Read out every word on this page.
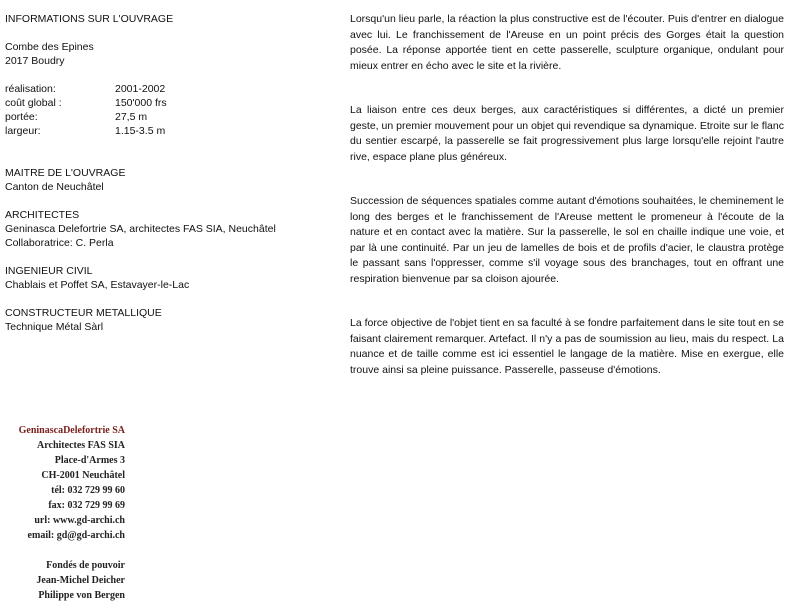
INFORMATIONS SUR L'OUVRAGE

Combe des Epines

2017 Boudry

réalisation:	2001-2002
coût global :	150'000 frs
portée:	27,5 m
largeur:	1.15-3.5 m

MAITRE DE L'OUVRAGE

Canton de Neuchâtel

ARCHITECTES

Geninasca Delefortrie SA, architectes FAS SIA, Neuchâtel

Collaboratrice: C. Perla

INGENIEUR CIVIL

Chablais et Poffet SA, Estavayer-le-Lac

CONSTRUCTEUR METALLIQUE

Technique Métal Sàrl

Lorsqu'un lieu parle, la réaction la plus constructive est de l'écouter. Puis d'entrer en dialogue avec lui. Le franchissement de l'Areuse en un point précis des Gorges était la question posée. La réponse apportée tient en cette passerelle, sculpture organique, ondulant pour mieux entrer en écho avec le site et la rivière.

La liaison entre ces deux berges, aux caractéristiques si différentes, a dicté un premier geste, un premier mouvement pour un objet qui revendique sa dynamique. Etroite sur le flanc du sentier escarpé, la passerelle se fait progressivement plus large lorsqu'elle rejoint l'autre rive, espace plane plus généreux.

Succession de séquences spatiales comme autant d'émotions souhaitées, le cheminement le long des berges et le franchissement de l'Areuse mettent le promeneur à l'écoute de la nature et en contact avec la matière. Sur la passerelle, le sol en chaille indique une voie, et par là une continuité. Par un jeu de lamelles de bois et de profils d'acier, le claustra protège le passant sans l'oppresser, comme s'il voyage sous des branchages, tout en offrant une respiration bienvenue par sa cloison ajourée.

La force objective de l'objet tient en sa faculté à se fondre parfaitement dans le site tout en se faisant clairement remarquer. Artefact. Il n'y a pas de soumission au lieu, mais du respect. La nuance et de taille comme est ici essentiel le langage de la matière. Mise en exergue, elle trouve ainsi sa pleine puissance. Passerelle, passeuse d'émotions.

GeninascaDelefortrie SA
Architectes FAS SIA
Place-d'Armes 3
CH-2001 Neuchâtel
tél: 032 729 99 60
fax: 032 729 99 69
url: www.gd-archi.ch
email: gd@gd-archi.ch
Fondés de pouvoir
Jean-Michel Deicher
Philippe von Bergen
